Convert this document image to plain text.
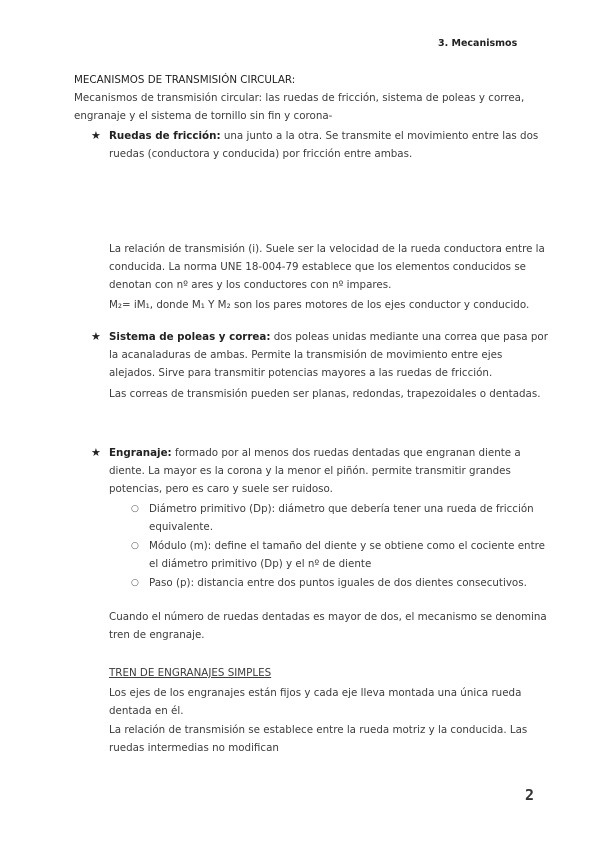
3. Mecanismos
MECANISMOS DE TRANSMISIÓN CIRCULAR:
Mecanismos de transmisión circular: las ruedas de fricción, sistema de poleas y correa, engranaje y el sistema de tornillo sin fin y corona-
★ Ruedas de fricción: una junto a la otra. Se transmite el movimiento entre las dos ruedas (conductora y conducida) por fricción entre ambas.
La relación de transmisión (i). Suele ser la velocidad de la rueda conductora entre la conducida. La norma UNE 18-004-79 establece que los elementos conducidos se denotan con nº ares y los conductores con nº impares.
M₂= iM₁, donde M₁ Y M₂ son los pares motores de los ejes conductor y conducido.
★ Sistema de poleas y correa: dos poleas unidas mediante una correa que pasa por la acanaladuras de ambas. Permite la transmisión de movimiento entre ejes alejados. Sirve para transmitir potencias mayores a las ruedas de fricción.
Las correas de transmisión pueden ser planas, redondas, trapezoidales o dentadas.
★ Engranaje: formado por al menos dos ruedas dentadas que engranan diente a diente. La mayor es la corona y la menor el piñón. permite transmitir grandes potencias, pero es caro y suele ser ruidoso.
○ Diámetro primitivo (Dp): diámetro que debería tener una rueda de fricción equivalente.
○ Módulo (m): define el tamaño del diente y se obtiene como el cociente entre el diámetro primitivo (Dp) y el nº de diente
○ Paso (p): distancia entre dos puntos iguales de dos dientes consecutivos.
Cuando el número de ruedas dentadas es mayor de dos, el mecanismo se denomina tren de engranaje.
TREN DE ENGRANAJES SIMPLES
Los ejes de los engranajes están fijos y cada eje lleva montada una única rueda dentada en él.
La relación de transmisión se establece entre la rueda motriz y la conducida. Las ruedas intermedias no modifican
2
